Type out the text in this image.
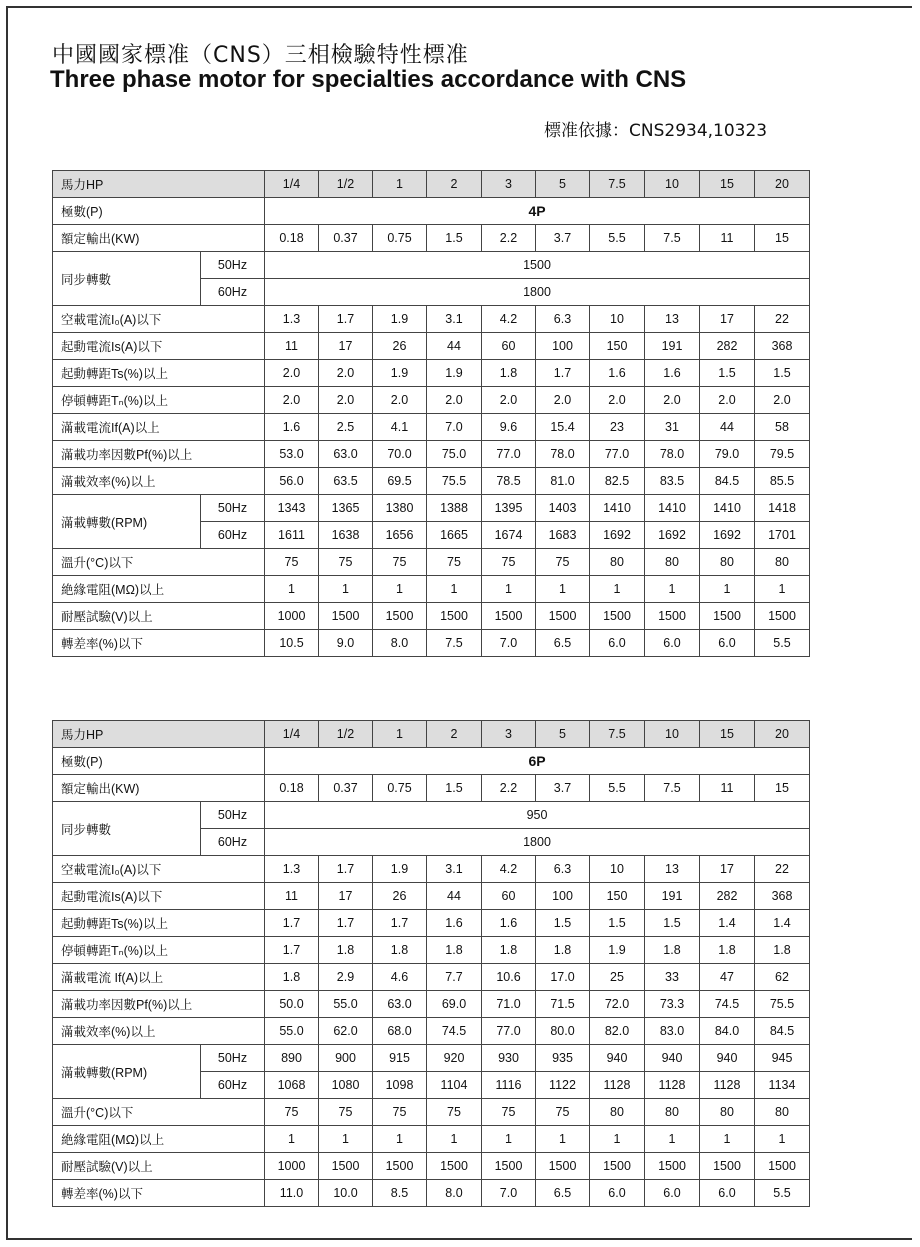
中國國家標准（CNS）三相檢驗特性標准
Three phase motor for specialties accordance with CNS
標准依據：CNS2934,10323
馬力HP		1/4	1/2	1	2	3	5	7.5	10	15	20
極數(P)		4P									
額定輸出(KW)		0.18	0.37	0.75	1.5	2.2	3.7	5.5	7.5	11	15
同步轉數	50Hz	1500									
	60Hz	1800									
空載電流I₀(A)以下		1.3	1.7	1.9	3.1	4.2	6.3	10	13	17	22
起動電流Is(A)以下		11	17	26	44	60	100	150	191	282	368
起動轉距Ts(%)以上		2.0	2.0	1.9	1.9	1.8	1.7	1.6	1.6	1.5	1.5
停頓轉距Tₙ(%)以上		2.0	2.0	2.0	2.0	2.0	2.0	2.0	2.0	2.0	2.0
滿載電流If(A)以上		1.6	2.5	4.1	7.0	9.6	15.4	23	31	44	58
滿載功率因數Pf(%)以上		53.0	63.0	70.0	75.0	77.0	78.0	77.0	78.0	79.0	79.5
滿載效率(%)以上		56.0	63.5	69.5	75.5	78.5	81.0	82.5	83.5	84.5	85.5
滿載轉數(RPM)	50Hz	1343	1365	1380	1388	1395	1403	1410	1410	1410	1418
	60Hz	1611	1638	1656	1665	1674	1683	1692	1692	1692	1701
溫升(°C)以下		75	75	75	75	75	75	80	80	80	80
絶緣電阻(MΩ)以上		1	1	1	1	1	1	1	1	1	1
耐壓試驗(V)以上		1000	1500	1500	1500	1500	1500	1500	1500	1500	1500
轉差率(%)以下		10.5	9.0	8.0	7.5	7.0	6.5	6.0	6.0	6.0	5.5
馬力HP		1/4	1/2	1	2	3	5	7.5	10	15	20
極數(P)		6P									
額定輸出(KW)		0.18	0.37	0.75	1.5	2.2	3.7	5.5	7.5	11	15
同步轉數	50Hz	950									
	60Hz	1800									
空載電流I₀(A)以下		1.3	1.7	1.9	3.1	4.2	6.3	10	13	17	22
起動電流Is(A)以下		11	17	26	44	60	100	150	191	282	368
起動轉距Ts(%)以上		1.7	1.7	1.7	1.6	1.6	1.5	1.5	1.5	1.4	1.4
停頓轉距Tₙ(%)以上		1.7	1.8	1.8	1.8	1.8	1.8	1.9	1.8	1.8	1.8
滿載電流 If(A)以上		1.8	2.9	4.6	7.7	10.6	17.0	25	33	47	62
滿載功率因數Pf(%)以上		50.0	55.0	63.0	69.0	71.0	71.5	72.0	73.3	74.5	75.5
滿載效率(%)以上		55.0	62.0	68.0	74.5	77.0	80.0	82.0	83.0	84.0	84.5
滿載轉數(RPM)	50Hz	890	900	915	920	930	935	940	940	940	945
	60Hz	1068	1080	1098	1104	1116	1122	1128	1128	1128	1134
溫升(°C)以下		75	75	75	75	75	75	80	80	80	80
絶緣電阻(MΩ)以上		1	1	1	1	1	1	1	1	1	1
耐壓試驗(V)以上		1000	1500	1500	1500	1500	1500	1500	1500	1500	1500
轉差率(%)以下		11.0	10.0	8.5	8.0	7.0	6.5	6.0	6.0	6.0	5.5
